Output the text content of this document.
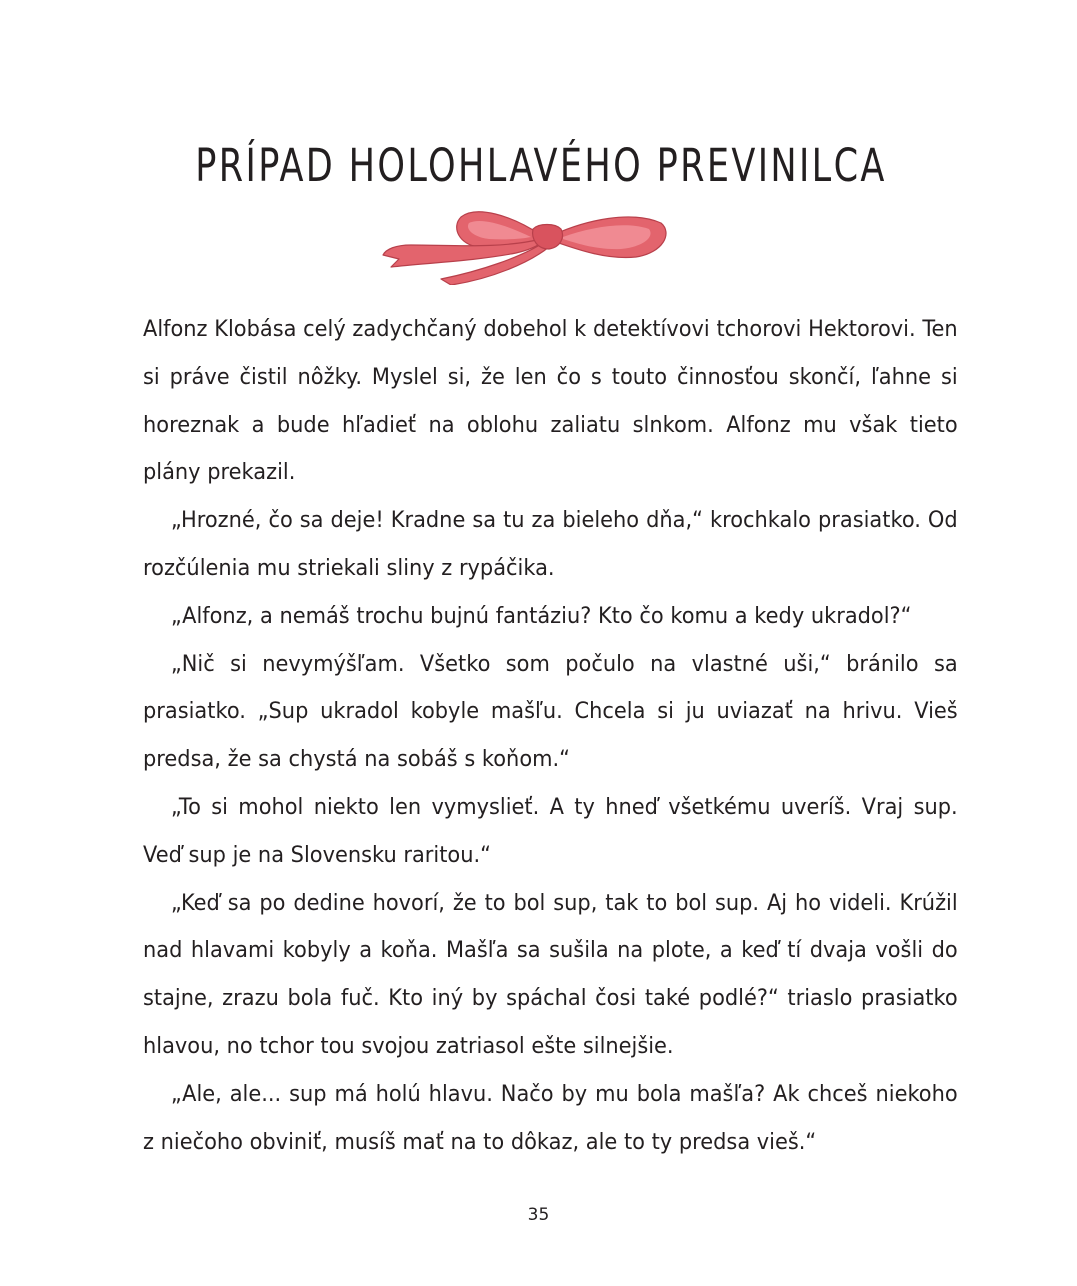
PRÍPAD HOLOHLAVÉHO PREVINILCA

Alfonz Klobása celý zadychčaný dobehol k detektívovi tchorovi Hektorovi. Ten si práve čistil nôžky. Myslel si, že len čo s touto činnosťou skončí, ľahne si horeznak a bude hľadieť na oblohu zaliatu slnkom. Alfonz mu však tieto plány prekazil.

„Hrozné, čo sa deje! Kradne sa tu za bieleho dňa,“ krochkalo prasiatko. Od rozčúlenia mu striekali sliny z rypáčika.

„Alfonz, a nemáš trochu bujnú fantáziu? Kto čo komu a kedy ukradol?“

„Nič si nevymýšľam. Všetko som počulo na vlastné uši,“ bránilo sa prasiatko. „Sup ukradol kobyle mašľu. Chcela si ju uviazať na hrivu. Vieš predsa, že sa chystá na sobáš s koňom.“

„To si mohol niekto len vymyslieť. A ty hneď všetkému uveríš. Vraj sup. Veď sup je na Slovensku raritou.“

„Keď sa po dedine hovorí, že to bol sup, tak to bol sup. Aj ho videli. Krúžil nad hlavami kobyly a koňa. Mašľa sa sušila na plote, a keď tí dvaja vošli do stajne, zrazu bola fuč. Kto iný by spáchal čosi také podlé?“ triaslo prasiatko hlavou, no tchor tou svojou zatriasol ešte silnejšie.

„Ale, ale... sup má holú hlavu. Načo by mu bola mašľa? Ak chceš niekoho z niečoho obviniť, musíš mať na to dôkaz, ale to ty predsa vieš.“

35
